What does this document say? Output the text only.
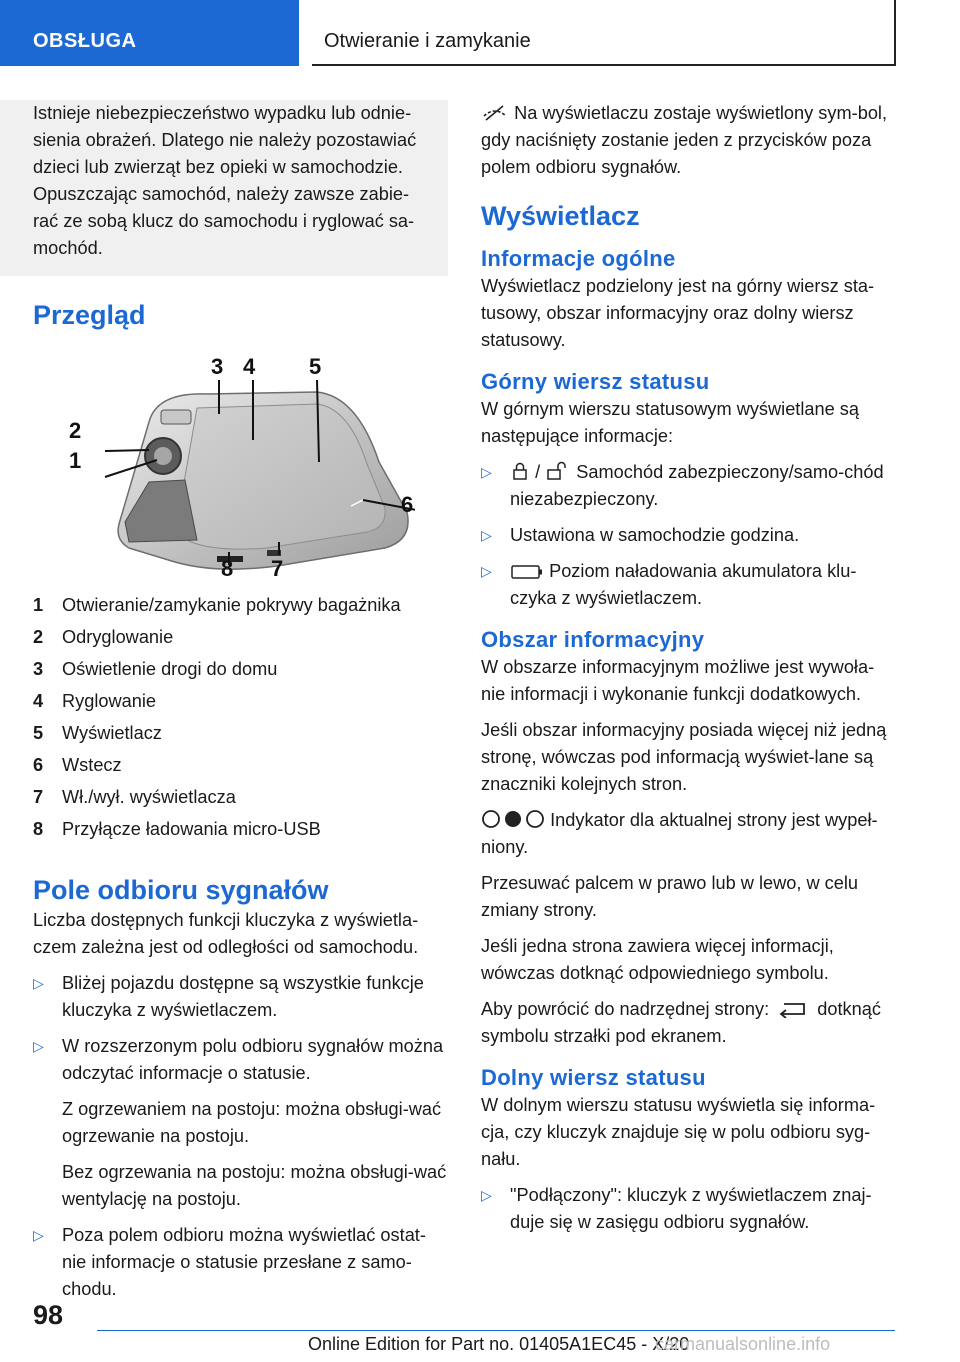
OBSŁUGA	Otwieranie i zamykanie

Istnieje niebezpieczeństwo wypadku lub odnie-sienia obrażeń. Dlatego nie należy pozostawiać dzieci lub zwierząt bez opieki w samochodzie. Opuszczając samochód, należy zawsze zabie-rać ze sobą klucz do samochodu i ryglować sa-mochód.

Przegląd
1
2
3 4 5
6
7
8
1	Otwieranie/zamykanie pokrywy bagażnika
2	Odryglowanie
3	Oświetlenie drogi do domu
4	Ryglowanie
5	Wyświetlacz
6	Wstecz
7	Wł./wył. wyświetlacza
8	Przyłącze ładowania micro-USB
Pole odbioru sygnałów

Liczba dostępnych funkcji kluczyka z wyświetla-czem zależna jest od odległości od samochodu.

▷ Bliżej pojazdu dostępne są wszystkie funkcje kluczyka z wyświetlaczem.
▷ W rozszerzonym polu odbioru sygnałów można odczytać informacje o statusie.
Z ogrzewaniem na postoju: można obsługi-wać ogrzewanie na postoju.
Bez ogrzewania na postoju: można obsługi-wać wentylację na postoju.
▷ Poza polem odbioru można wyświetlać ostat-nie informacje o statusie przesłane z samo-chodu.

Na wyświetlaczu zostaje wyświetlony sym-bol, gdy naciśnięty zostanie jeden z przycisków poza polem odbioru sygnałów.

Wyświetlacz
Informacje ogólne

Wyświetlacz podzielony jest na górny wiersz sta-tusowy, obszar informacyjny oraz dolny wiersz statusowy.

Górny wiersz statusu

W górnym wierszu statusowym wyświetlane są następujące informacje:

▷ / Samochód zabezpieczony/samo-chód niezabezpieczony.
▷ Ustawiona w samochodzie godzina.
▷	Poziom naładowania akumulatora klu-czyka z wyświetlaczem.
Obszar informacyjny

W obszarze informacyjnym możliwe jest wywoła-nie informacji i wykonanie funkcji dodatkowych.

Jeśli obszar informacyjny posiada więcej niż jedną stronę, wówczas pod informacją wyświet-lane są znaczniki kolejnych stron.

Indykator dla aktualnej strony jest wypeł-niony.

Przesuwać palcem w prawo lub w lewo, w celu zmiany strony.

Jeśli jedna strona zawiera więcej informacji, wówczas dotknąć odpowiedniego symbolu.

Aby powrócić do nadrzędnej strony:	dotknąć symbolu strzałki pod ekranem.

Dolny wiersz statusu

W dolnym wierszu statusu wyświetla się informa-cja, czy kluczyk znajduje się w polu odbioru syg-nału.

▷ "Podłączony": kluczyk z wyświetlaczem znaj-duje się w zasięgu odbioru sygnałów.
98
Online Edition for Part no. 01405A1EC45 - X/20
carmanualsonline.info
